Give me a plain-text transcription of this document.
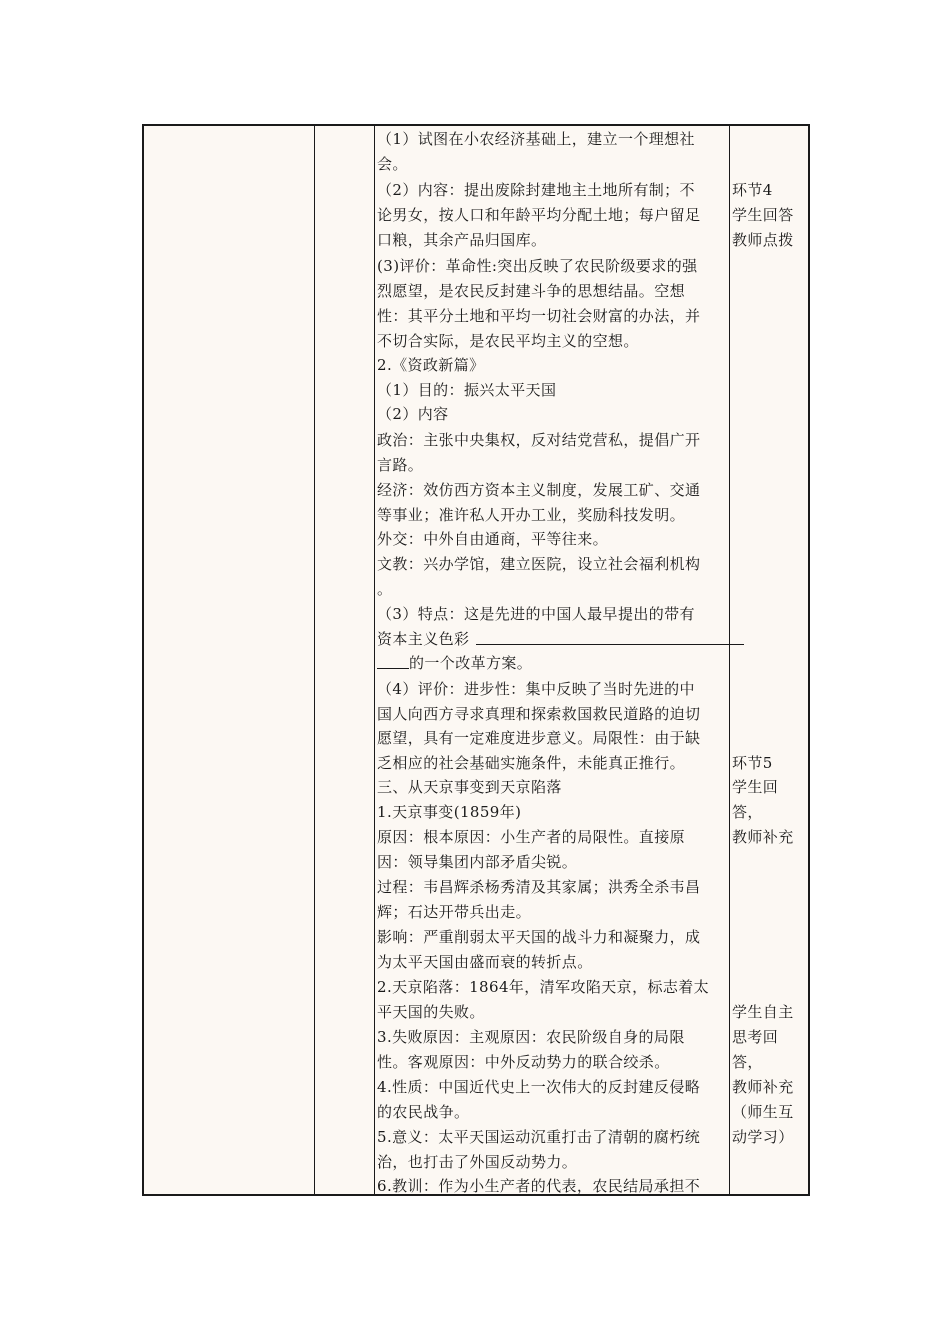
（1）试图在小农经济基础上，建立一个理想社
会。
（2）内容：提出废除封建地主土地所有制；不
论男女，按人口和年龄平均分配土地；每户留足
口粮，其余产品归国库。
(3)评价：革命性:突出反映了农民阶级要求的强
烈愿望，是农民反封建斗争的思想结晶。空想
性：其平分土地和平均一切社会财富的办法，并
不切合实际，是农民平均主义的空想。
2.《资政新篇》
（1）目的：振兴太平天国
（2）内容
政治：主张中央集权，反对结党营私，提倡广开
言路。
经济：效仿西方资本主义制度，发展工矿、交通
等事业；准许私人开办工业，奖励科技发明。
外交：中外自由通商，平等往来。
文教：兴办学馆，建立医院，设立社会福利机构
。
（3）特点：这是先进的中国人最早提出的带有
资本主义色彩
的一个改革方案。
（4）评价：进步性：集中反映了当时先进的中
国人向西方寻求真理和探索救国救民道路的迫切
愿望，具有一定难度进步意义。局限性：由于缺
乏相应的社会基础实施条件，未能真正推行。
三、从天京事变到天京陷落
1.天京事变(1859年)
原因：根本原因：小生产者的局限性。直接原
因：领导集团内部矛盾尖锐。
过程：韦昌辉杀杨秀清及其家属；洪秀全杀韦昌
辉；石达开带兵出走。
影响：严重削弱太平天国的战斗力和凝聚力，成
为太平天国由盛而衰的转折点。
2.天京陷落：1864年，清军攻陷天京，标志着太
平天国的失败。
3.失败原因：主观原因：农民阶级自身的局限
性。客观原因：中外反动势力的联合绞杀。
4.性质：中国近代史上一次伟大的反封建反侵略
的农民战争。
5.意义：太平天国运动沉重打击了清朝的腐朽统
治，也打击了外国反动势力。
6.教训：作为小生产者的代表，农民结局承担不
环节4
学生回答
教师点拨
环节5
学生回
答，
教师补充
学生自主
思考回
答，
教师补充
（师生互
动学习）
